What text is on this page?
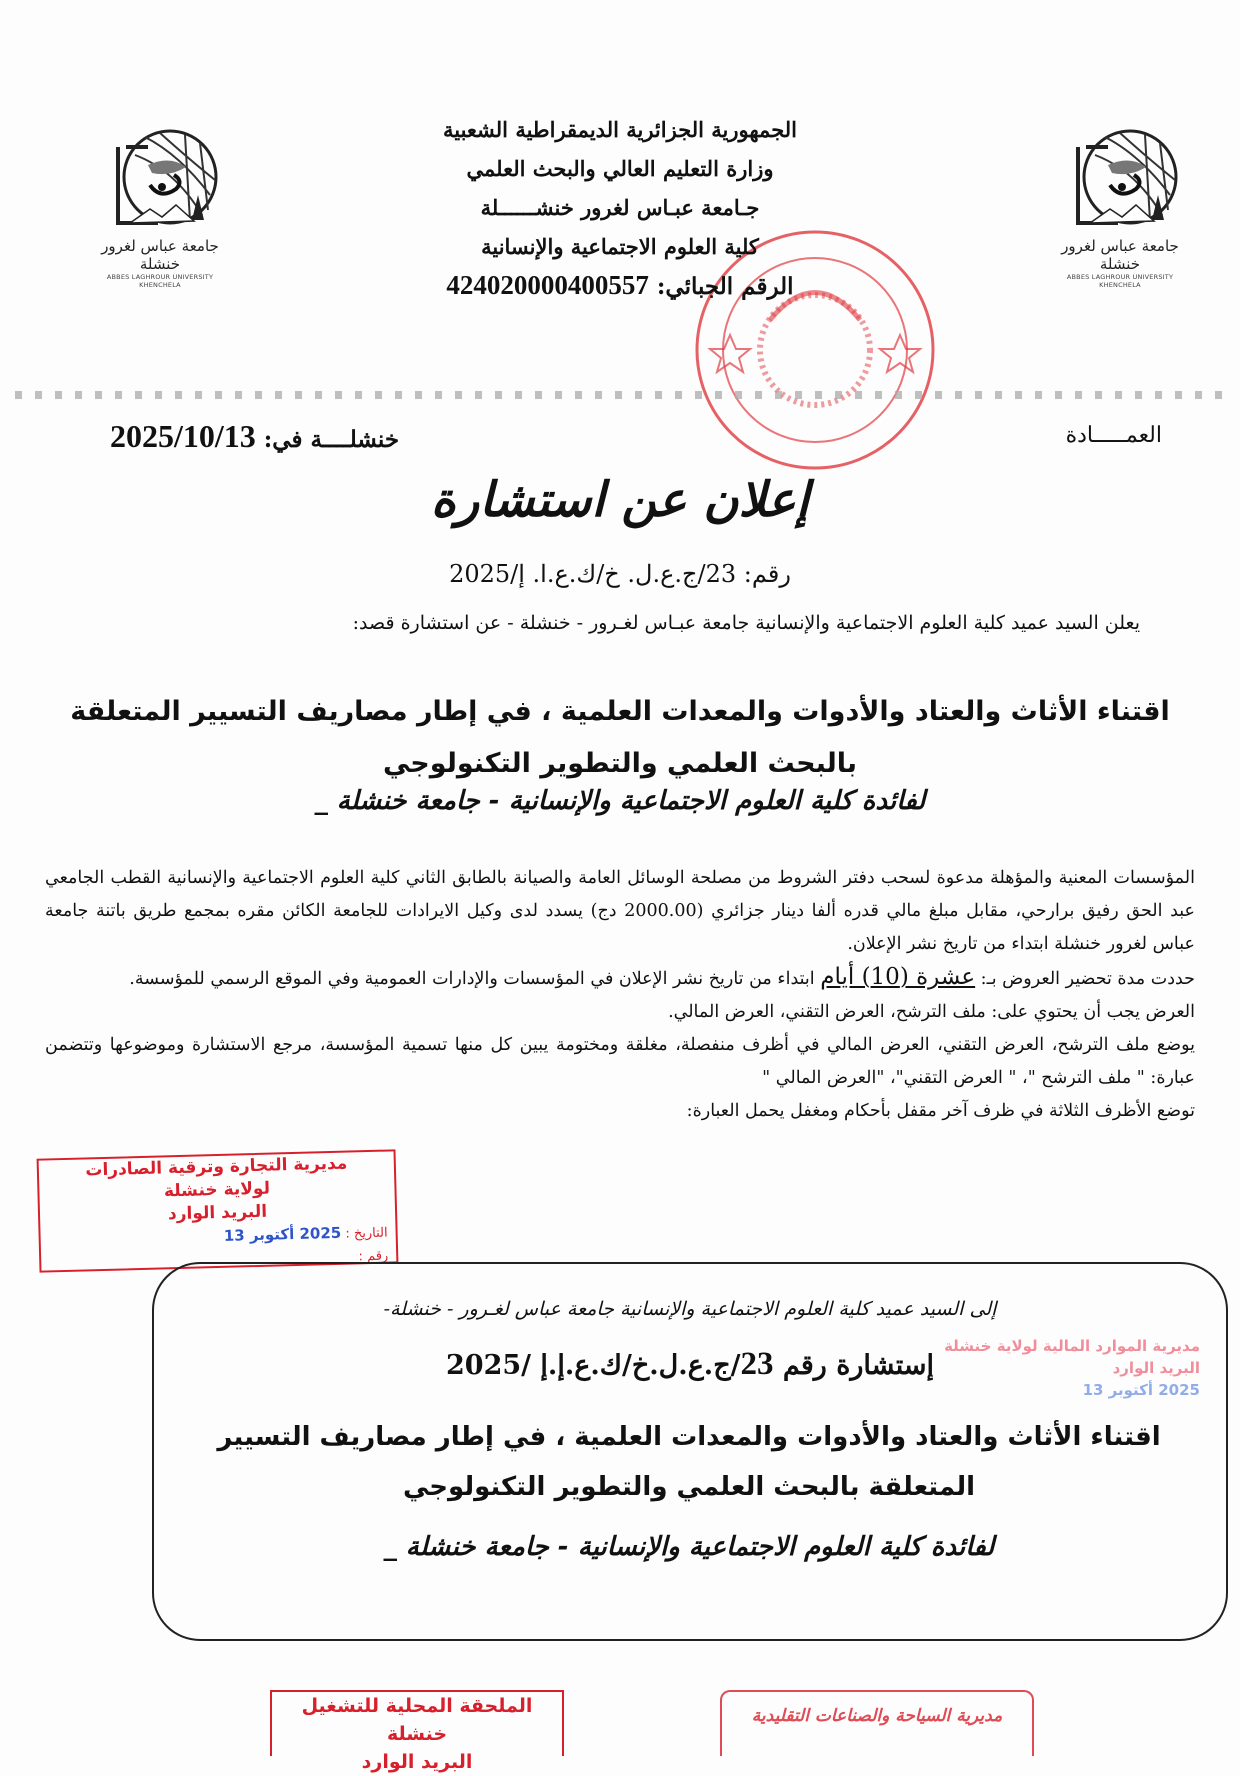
جامعة عباس لغرور خنشلة
ABBES LAGHROUR UNIVERSITY KHENCHELA
جامعة عباس لغرور خنشلة
ABBES LAGHROUR UNIVERSITY KHENCHELA
الجمهورية الجزائرية الديمقراطية الشعبية
وزارة التعليم العالي والبحث العلمي
جـامعة عبـاس لغرور خنشــــــلة
كلية العلوم الاجتماعية والإنسانية
الرقم الجبائي: 424020000400557
العمـــــادة
خنشلــــة في: 2025/10/13
إعلان عن استشارة
رقم: 23/ج.ع.ل. خ/ك.ع.ا. إ/2025
يعلن السيد عميد كلية العلوم الاجتماعية والإنسانية جامعة عبـاس لغـرور - خنشلة - عن استشارة قصد:
اقتناء الأثاث والعتاد والأدوات والمعدات العلمية ، في إطار مصاريف التسيير المتعلقة بالبحث العلمي والتطوير التكنولوجي
لفائدة كلية العلوم الاجتماعية والإنسانية - جامعة خنشلة _
المؤسسات المعنية والمؤهلة مدعوة لسحب دفتر الشروط من مصلحة الوسائل العامة والصيانة بالطابق الثاني كلية العلوم الاجتماعية والإنسانية القطب الجامعي عبد الحق رفيق برارحي، مقابل مبلغ مالي قدره ألفا دينار جزائري (2000.00 دج) يسدد لدى وكيل الايرادات للجامعة الكائن مقره بمجمع طريق باتنة جامعة عباس لغرور خنشلة ابتداء من تاريخ نشر الإعلان.
حددت مدة تحضير العروض بـ: عشرة (10) أيام ابتداء من تاريخ نشر الإعلان في المؤسسات والإدارات العمومية وفي الموقع الرسمي للمؤسسة.
العرض يجب أن يحتوي على: ملف الترشح، العرض التقني، العرض المالي.
يوضع ملف الترشح، العرض التقني، العرض المالي في أظرف منفصلة، مغلقة ومختومة يبين كل منها تسمية المؤسسة، مرجع الاستشارة وموضوعها وتتضمن عبارة: " ملف الترشح "، " العرض التقني"، "العرض المالي "
توضع الأظرف الثلاثة في ظرف آخر مقفل بأحكام ومغفل يحمل العبارة:
مديرية التجارة وترقية الصادرات
لولاية خنشلة
البريد الوارد
التاريخ : 2025 أكتوبر 13
رقم :
إلى السيد عميد كلية العلوم الاجتماعية والإنسانية جامعة عباس لغـرور - خنشلة-
إستشارة رقم 23/ج.ع.ل.خ/ك.ع.إ.إ /2025
اقتناء الأثاث والعتاد والأدوات والمعدات العلمية ، في إطار مصاريف التسيير المتعلقة بالبحث العلمي والتطوير التكنولوجي
لفائدة كلية العلوم الاجتماعية والإنسانية - جامعة خنشلة _
مديرية الموارد المالية لولاية خنشلة
البريد الوارد
2025 أكتوبر 13
الملحقة المحلية للتشغيل خنشلة
البريد الوارد
مديرية السياحة والصناعات التقليدية
